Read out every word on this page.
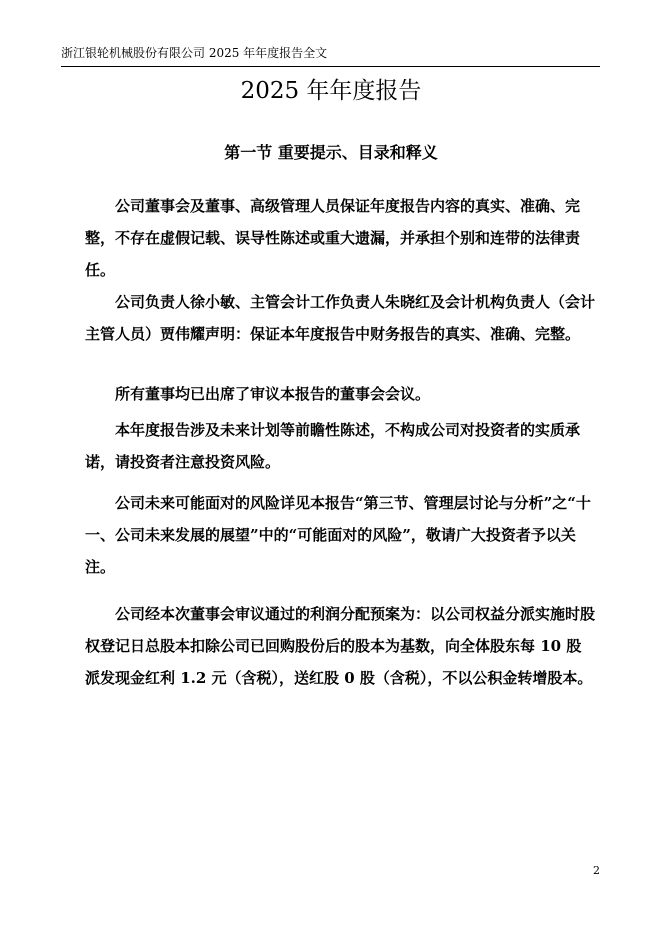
浙江银轮机械股份有限公司 2025 年年度报告全文
2025 年年度报告
第一节 重要提示、目录和释义

公司董事会及董事、高级管理人员保证年度报告内容的真实、准确、完整，不存在虚假记载、误导性陈述或重大遗漏，并承担个别和连带的法律责任。

公司负责人徐小敏、主管会计工作负责人朱晓红及会计机构负责人（会计主管人员）贾伟耀声明：保证本年度报告中财务报告的真实、准确、完整。

所有董事均已出席了审议本报告的董事会会议。

本年度报告涉及未来计划等前瞻性陈述，不构成公司对投资者的实质承诺，请投资者注意投资风险。

公司未来可能面对的风险详见本报告“第三节、管理层讨论与分析”之“十一、公司未来发展的展望”中的“可能面对的风险”，敬请广大投资者予以关注。

公司经本次董事会审议通过的利润分配预案为：以公司权益分派实施时股权登记日总股本扣除公司已回购股份后的股本为基数，向全体股东每 10 股派发现金红利 1.2 元（含税），送红股 0 股（含税），不以公积金转增股本。

2
